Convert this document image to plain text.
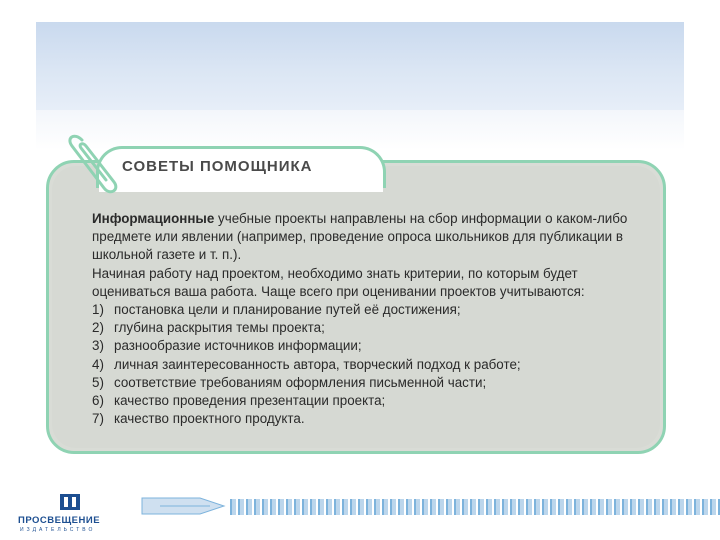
СОВЕТЫ ПОМОЩНИКА

Информационные учебные проекты направлены на сбор информации о каком-либо предмете или явлении (например, проведение опроса школьников для публикации в школьной газете и т. п.).

Начиная работу над проектом, необходимо знать критерии, по которым будет оцениваться ваша работа. Чаще всего при оценивании проектов учитываются:

1) постановка цели и планирование путей её достижения;
2) глубина раскрытия темы проекта;
3) разнообразие источников информации;
4) личная заинтересованность автора, творческий подход к работе;
5) соответствие требованиям оформления письменной части;
6) качество проведения презентации проекта;
7) качество проектного продукта.
ПРОСВЕЩЕНИЕ
ИЗДАТЕЛЬСТВО
